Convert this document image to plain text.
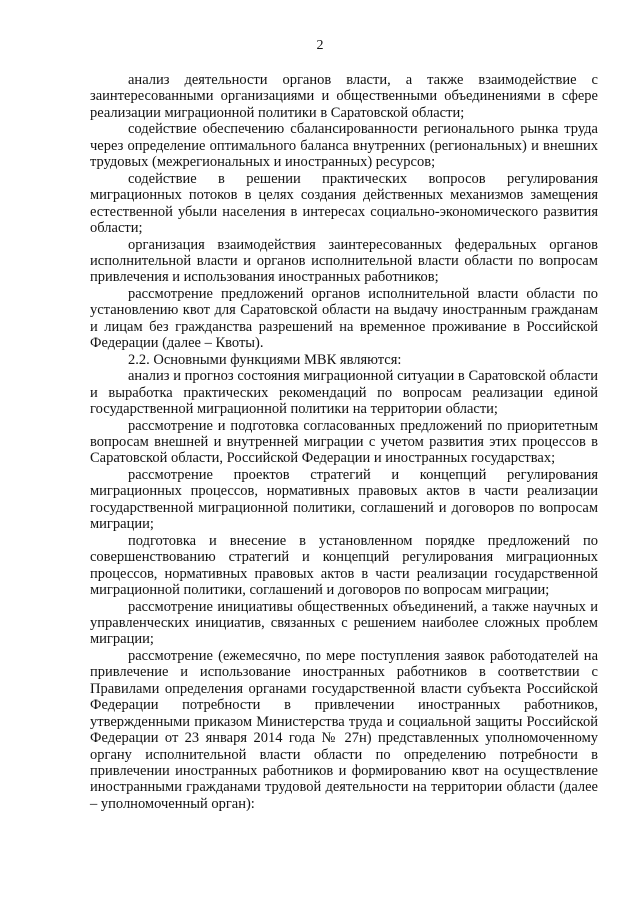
2

анализ деятельности органов власти, а также взаимодействие с заинтересованными организациями и общественными объединениями в сфере реализации миграционной политики в Саратовской области;

содействие обеспечению сбалансированности регионального рынка труда через определение оптимального баланса внутренних (региональных) и внешних трудовых (межрегиональных и иностранных) ресурсов;

содействие в решении практических вопросов регулирования миграционных потоков в целях создания действенных механизмов замещения естественной убыли населения в интересах социально-экономического развития области;

организация взаимодействия заинтересованных федеральных органов исполнительной власти и органов исполнительной власти области по вопросам привлечения и использования иностранных работников;

рассмотрение предложений органов исполнительной власти области по установлению квот для Саратовской области на выдачу иностранным гражданам и лицам без гражданства разрешений на временное проживание в Российской Федерации (далее – Квоты).

2.2. Основными функциями МВК являются:

анализ и прогноз состояния миграционной ситуации в Саратовской области и выработка практических рекомендаций по вопросам реализации единой государственной миграционной политики на территории области;

рассмотрение и подготовка согласованных предложений по приоритетным вопросам внешней и внутренней миграции с учетом развития этих процессов в Саратовской области, Российской Федерации и иностранных государствах;

рассмотрение проектов стратегий и концепций регулирования миграционных процессов, нормативных правовых актов в части реализации государственной миграционной политики, соглашений и договоров по вопросам миграции;

подготовка и внесение в установленном порядке предложений по совершенствованию стратегий и концепций регулирования миграционных процессов, нормативных правовых актов в части реализации государственной миграционной политики, соглашений и договоров по вопросам миграции;

рассмотрение инициативы общественных объединений, а также научных и управленческих инициатив, связанных с решением наиболее сложных проблем миграции;

рассмотрение (ежемесячно, по мере поступления заявок работодателей на привлечение и использование иностранных работников в соответствии с Правилами определения органами государственной власти субъекта Российской Федерации потребности в привлечении иностранных работников, утвержденными приказом Министерства труда и социальной защиты Российской Федерации от 23 января 2014 года № 27н) представленных уполномоченному органу исполнительной власти области по определению потребности в привлечении иностранных работников и формированию квот на осуществление иностранными гражданами трудовой деятельности на территории области (далее – уполномоченный орган):
